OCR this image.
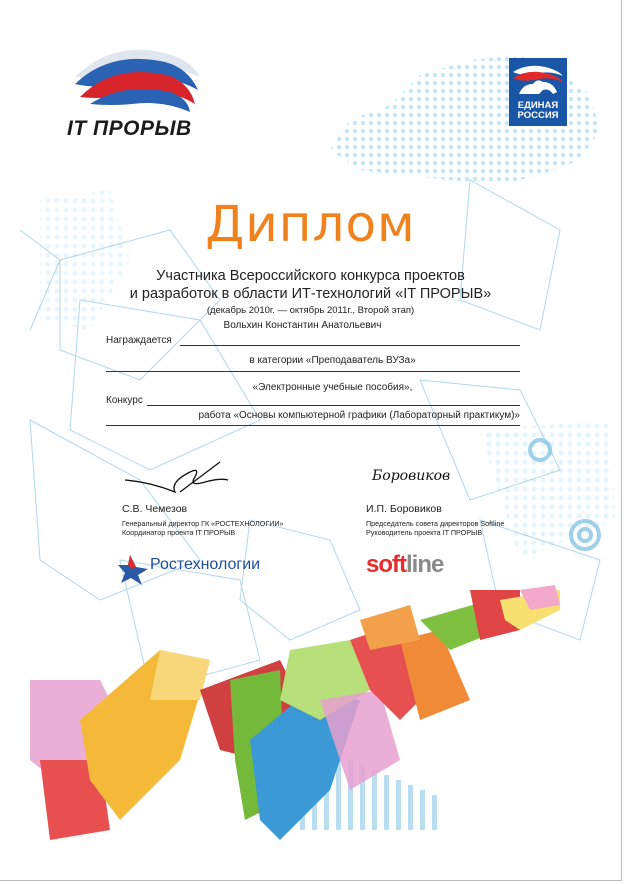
IT ПРОРЫВ
ЕДИНАЯ
РОССИЯ
Диплом
Участника Всероссийского конкурса проектов
и разработок в области ИТ-технологий «IT ПРОРЫВ»
(декабрь 2010г. — октябрь 2011г., Второй этап)
Награждается
Вольхин Константин Анатольевич
в категории «Преподаватель ВУЗа»
«Электронные учебные пособия»,
Конкурс
работа «Основы компьютерной графики (Лабораторный практикум)»
С.В. Чемезов
Генеральный директор ГК «РОСТЕХНОЛОГИИ»
Координатор проекта IT ПРОРЫВ
Ростехнологии
Боровиков
И.П. Боровиков
Председатель совета директоров Softline
Руководитель проекта IT ПРОРЫВ
softline
